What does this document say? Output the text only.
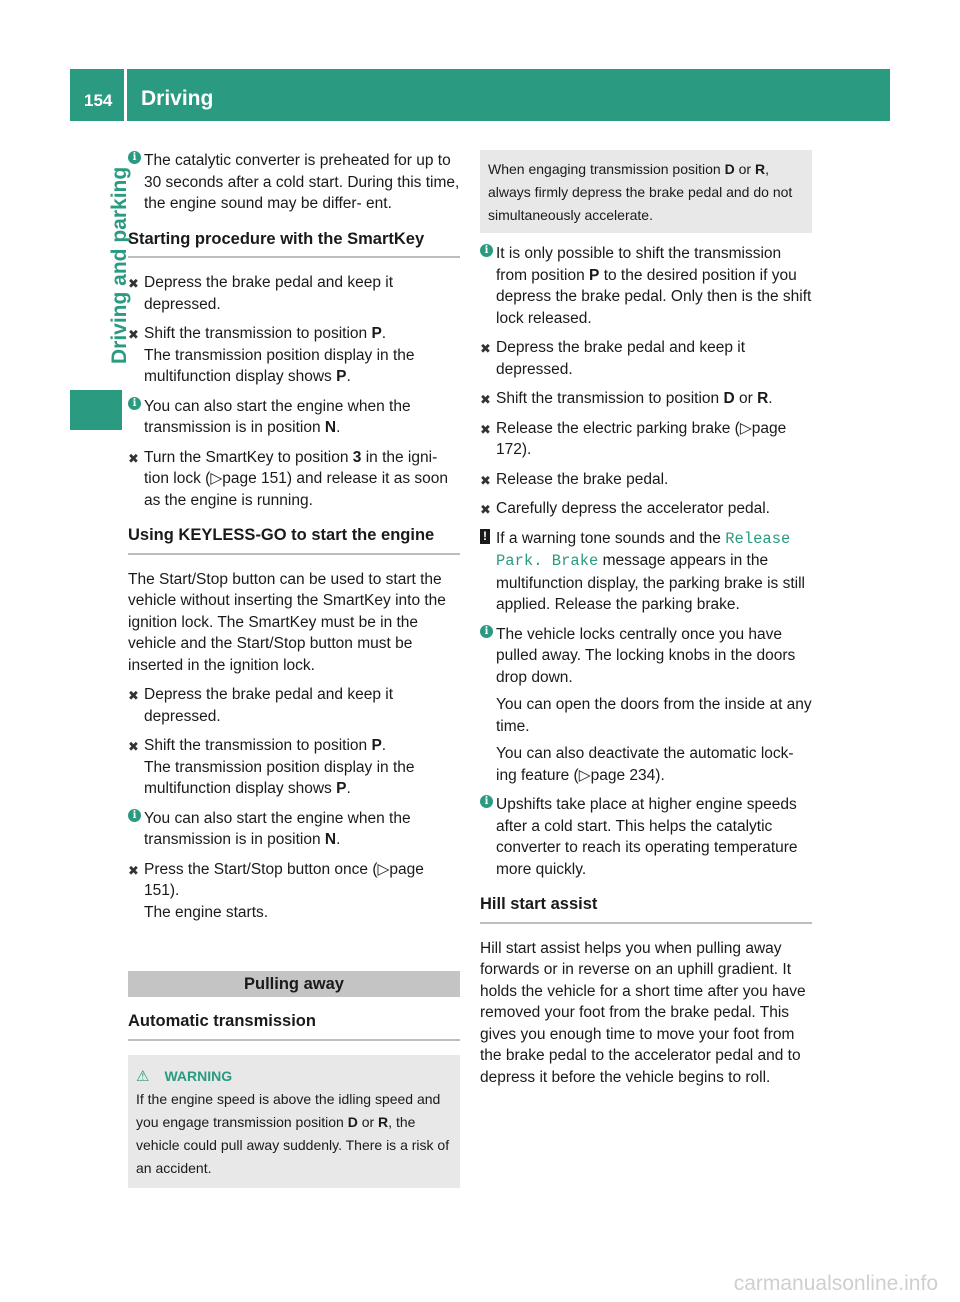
154 Driving
Driving and parking
i The catalytic converter is preheated for up to 30 seconds after a cold start. During this time, the engine sound may be differ- ent.
Starting procedure with the SmartKey
✖ Depress the brake pedal and keep it depressed.
✖ Shift the transmission to position P.
The transmission position display in the multifunction display shows P.
i You can also start the engine when the transmission is in position N.
✖ Turn the SmartKey to position 3 in the igni- tion lock (▷page 151) and release it as soon as the engine is running.
Using KEYLESS-GO to start the engine

The Start/Stop button can be used to start the vehicle without inserting the SmartKey into the ignition lock. The SmartKey must be in the vehicle and the Start/Stop button must be inserted in the ignition lock.

✖ Depress the brake pedal and keep it depressed.
✖ Shift the transmission to position P.
The transmission position display in the multifunction display shows P.
i You can also start the engine when the transmission is in position N.
✖ Press the Start/Stop button once (▷page 151).
The engine starts.
Pulling away
Automatic transmission
⚠ WARNING
If the engine speed is above the idling speed and you engage transmission position D or R, the vehicle could pull away suddenly. There is a risk of an accident.
When engaging transmission position D or R, always firmly depress the brake pedal and do not simultaneously accelerate.
i It is only possible to shift the transmission from position P to the desired position if you depress the brake pedal. Only then is the shift lock released.
✖ Depress the brake pedal and keep it depressed.
✖ Shift the transmission to position D or R.
✖ Release the electric parking brake (▷page 172).
✖ Release the brake pedal.
✖ Carefully depress the accelerator pedal.
! If a warning tone sounds and the Release Park. Brake message appears in the multifunction display, the parking brake is still applied. Release the parking brake.
i The vehicle locks centrally once you have pulled away. The locking knobs in the doors drop down.
You can open the doors from the inside at any time.
You can also deactivate the automatic lock- ing feature (▷page 234).
i Upshifts take place at higher engine speeds after a cold start. This helps the catalytic converter to reach its operating temperature more quickly.
Hill start assist

Hill start assist helps you when pulling away forwards or in reverse on an uphill gradient. It holds the vehicle for a short time after you have removed your foot from the brake pedal. This gives you enough time to move your foot from the brake pedal to the accelerator pedal and to depress it before the vehicle begins to roll.

carmanualsonline.info
